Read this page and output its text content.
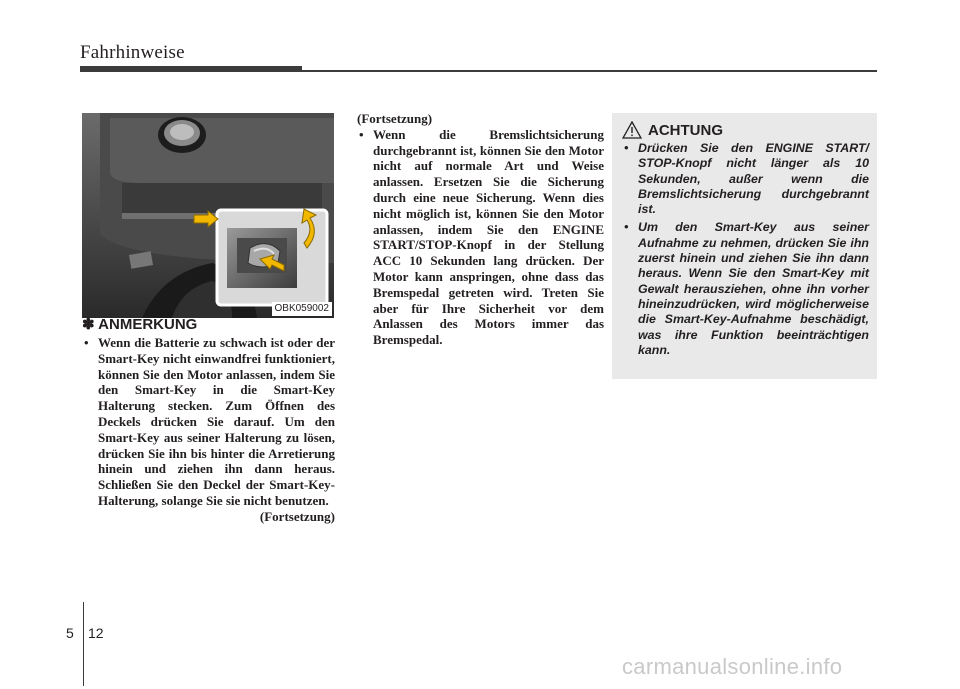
Fahrhinweise
OBK059002
✽ ANMERKUNG
• Wenn die Batterie zu schwach ist oder der Smart-Key nicht einwandfrei funktioniert, können Sie den Motor anlassen, indem Sie den Smart-Key in die Smart-Key Halterung stecken. Zum Öffnen des Deckels drücken Sie darauf. Um den Smart-Key aus seiner Halterung zu lösen, drücken Sie ihn bis hinter die Arretierung hinein und ziehen ihn dann heraus. Schließen Sie den Deckel der Smart-Key-Halterung, solange Sie sie nicht benutzen.
(Fortsetzung)
(Fortsetzung)
• Wenn die Bremslichtsicherung durchgebrannt ist, können Sie den Motor nicht auf normale Art und Weise anlassen. Ersetzen Sie die Sicherung durch eine neue Sicherung. Wenn dies nicht möglich ist, können Sie den Motor anlassen, indem Sie den ENGINE START/STOP-Knopf in der Stellung ACC 10 Sekunden lang drücken. Der Motor kann anspringen, ohne dass das Bremspedal getreten wird. Treten Sie aber für Ihre Sicherheit vor dem Anlassen des Motors immer das Bremspedal.
ACHTUNG
• Drücken Sie den ENGINE START/ STOP-Knopf nicht länger als 10 Sekunden, außer wenn die Bremslichtsicherung durchgebrannt ist.
• Um den Smart-Key aus seiner Aufnahme zu nehmen, drücken Sie ihn zuerst hinein und ziehen Sie ihn dann heraus. Wenn Sie den Smart-Key mit Gewalt herausziehen, ohne ihn vorher hineinzudrücken, wird möglicherweise die Smart-Key-Aufnahme beschädigt, was ihre Funktion beeinträchtigen kann.
5 12
carmanualsonline.info
